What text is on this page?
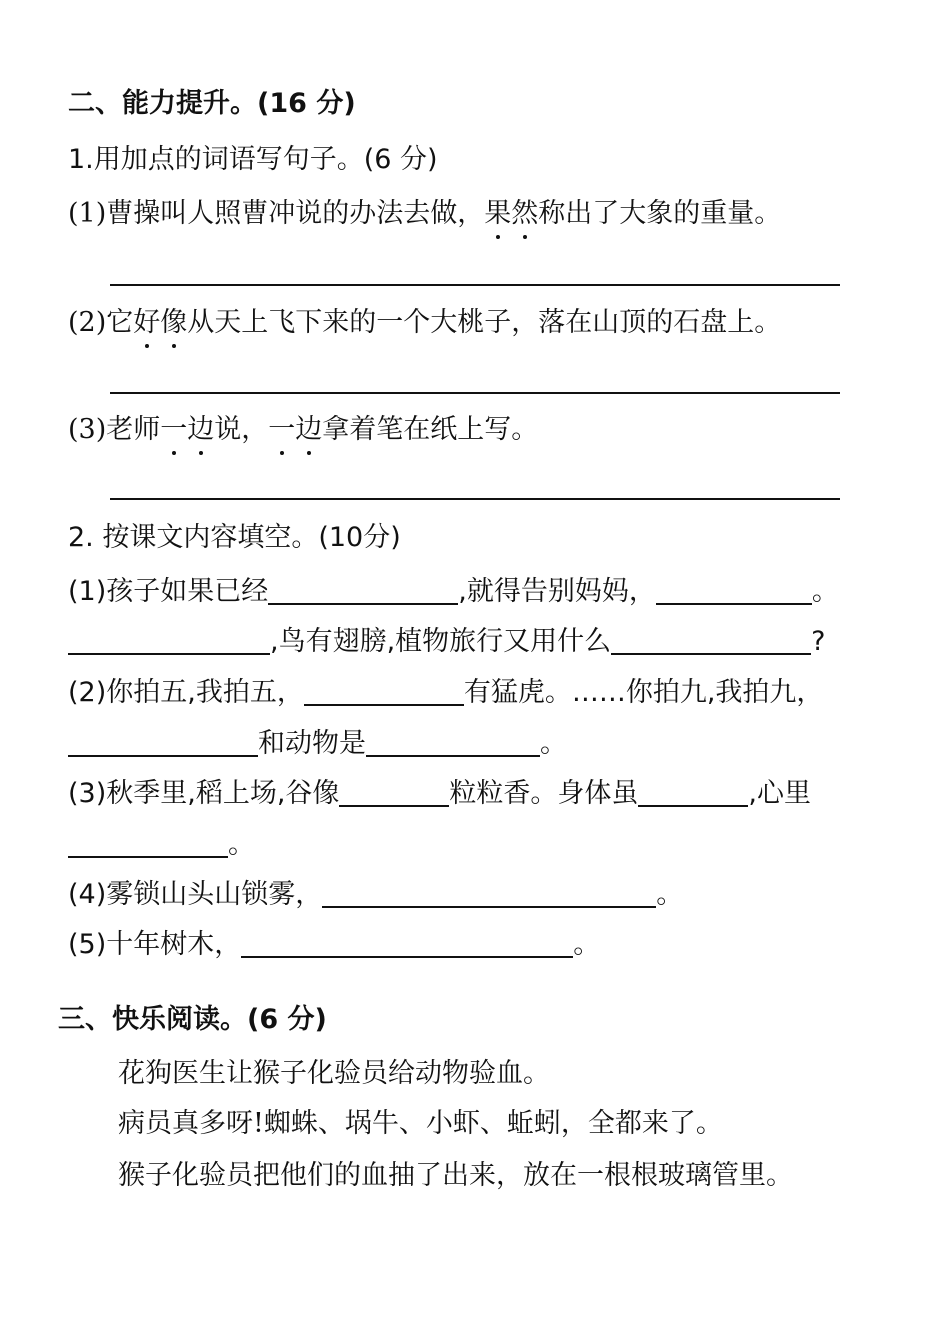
二、能力提升。(16 分)
1.用加点的词语写句子。(6 分)
(1)曹操叫人照曹冲说的办法去做，果然称出了大象的重量。
(2)它好像从天上飞下来的一个大桃子，落在山顶的石盘上。
(3)老师一边说，一边拿着笔在纸上写。
2. 按课文内容填空。(10分)
(1)孩子如果已经	,就得告别妈妈，	。
,鸟有翅膀,植物旅行又用什么	?
(2)你拍五,我拍五，	有猛虎。……你拍九,我拍九，
和动物是	。
(3)秋季里,稻上场,谷像	粒粒香。身体虽	,心里
。
(4)雾锁山头山锁雾，	。
(5)十年树木，	。
三、快乐阅读。(6 分)
花狗医生让猴子化验员给动物验血。
病员真多呀!蜘蛛、埚牛、小虾、蚯蚓，全都来了。
猴子化验员把他们的血抽了出来，放在一根根玻璃管里。
